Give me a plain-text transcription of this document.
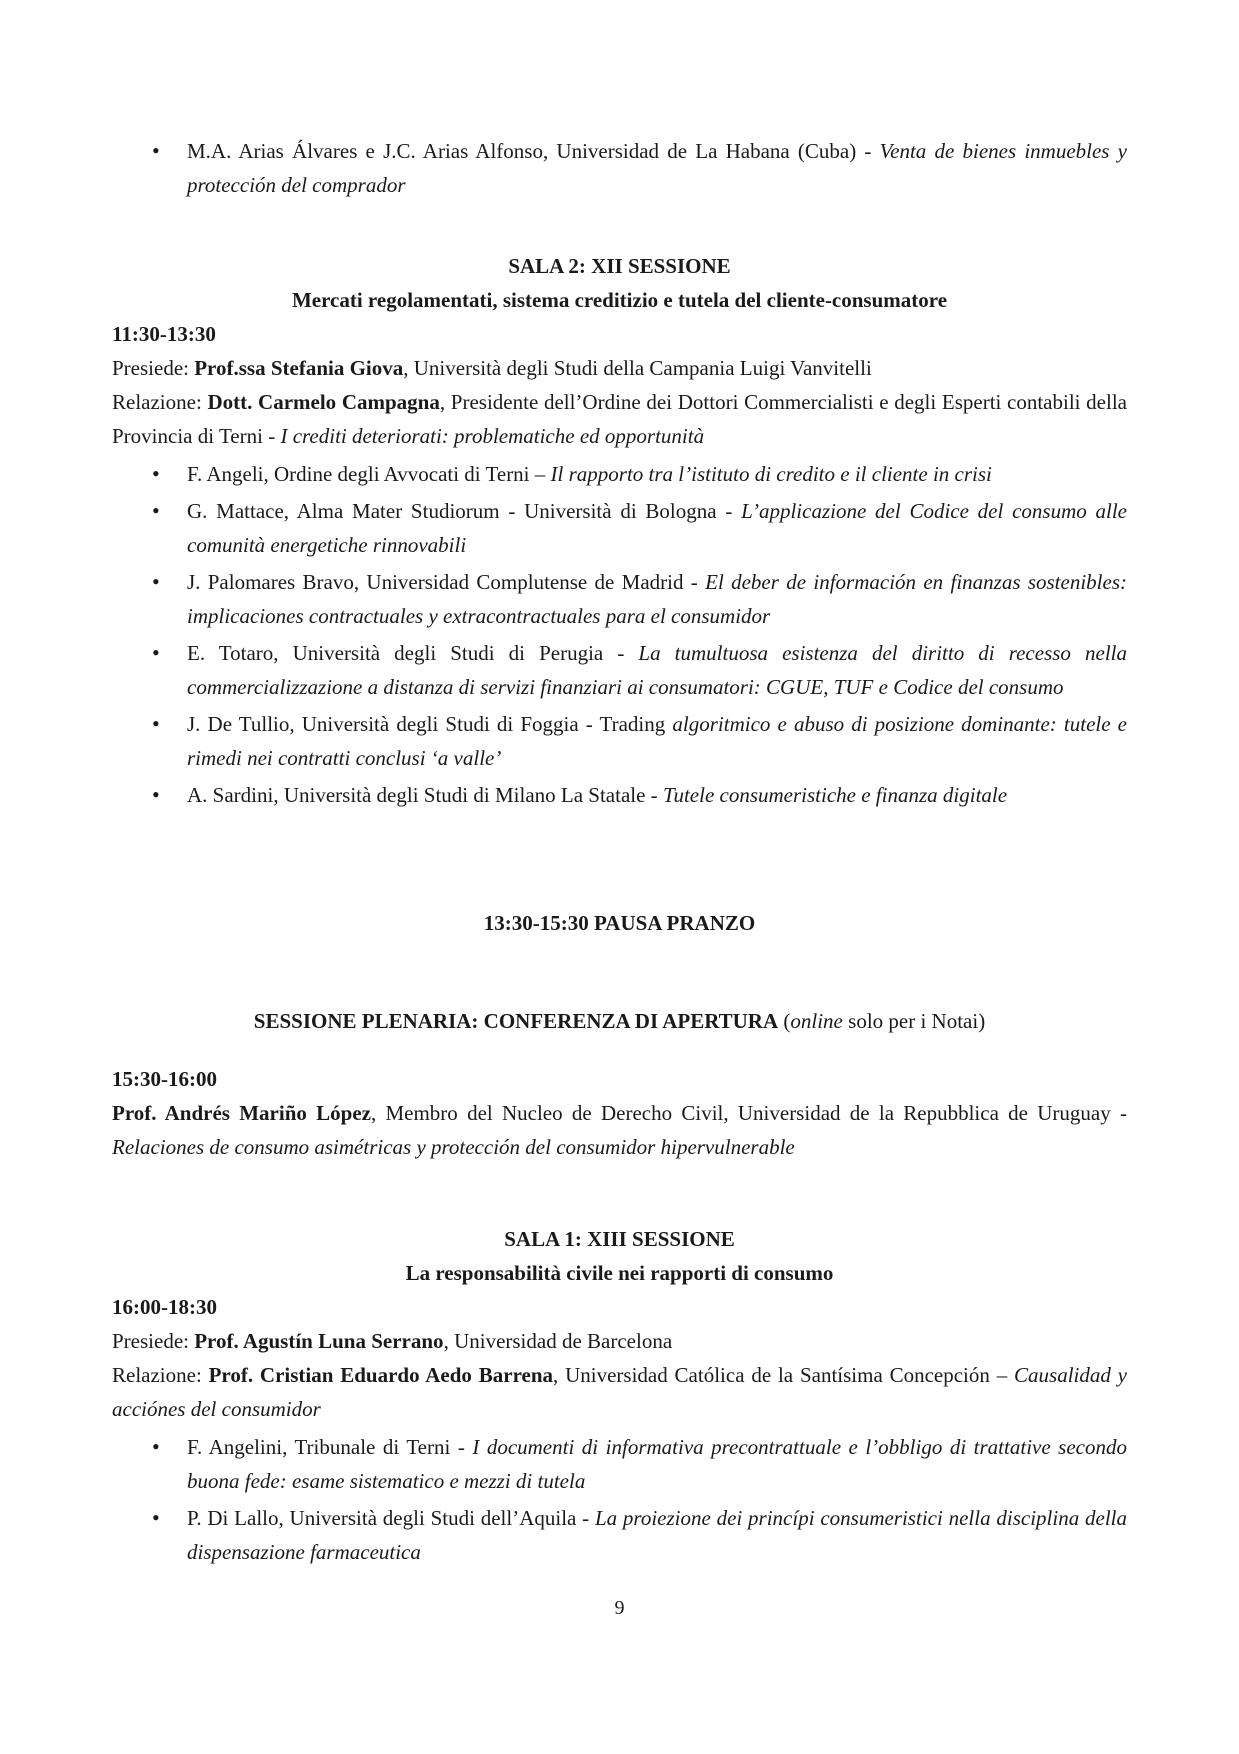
• M.A. Arias Álvares e J.C. Arias Alfonso, Universidad de La Habana (Cuba) - Venta de bienes inmuebles y protección del comprador
SALA 2: XII SESSIONE
Mercati regolamentati, sistema creditizio e tutela del cliente-consumatore
11:30-13:30
Presiede: Prof.ssa Stefania Giova, Università degli Studi della Campania Luigi Vanvitelli
Relazione: Dott. Carmelo Campagna, Presidente dell’Ordine dei Dottori Commercialisti e degli Esperti contabili della Provincia di Terni - I crediti deteriorati: problematiche ed opportunità
• F. Angeli, Ordine degli Avvocati di Terni – Il rapporto tra l’istituto di credito e il cliente in crisi
• G. Mattace, Alma Mater Studiorum - Università di Bologna - L’applicazione del Codice del consumo alle comunità energetiche rinnovabili
• J. Palomares Bravo, Universidad Complutense de Madrid - El deber de información en finanzas sostenibles: implicaciones contractuales y extracontractuales para el consumidor
• E. Totaro, Università degli Studi di Perugia - La tumultuosa esistenza del diritto di recesso nella commercializzazione a distanza di servizi finanziari ai consumatori: CGUE, TUF e Codice del consumo
• J. De Tullio, Università degli Studi di Foggia - Trading algoritmico e abuso di posizione dominante: tutele e rimedi nei contratti conclusi ‘a valle’
• A. Sardini, Università degli Studi di Milano La Statale - Tutele consumeristiche e finanza digitale
13:30-15:30 PAUSA PRANZO
SESSIONE PLENARIA: CONFERENZA DI APERTURA (online solo per i Notai)
15:30-16:00
Prof. Andrés Mariño López, Membro del Nucleo de Derecho Civil, Universidad de la Repubblica de Uruguay - Relaciones de consumo asimétricas y protección del consumidor hipervulnerable
SALA 1: XIII SESSIONE
La responsabilità civile nei rapporti di consumo
16:00-18:30
Presiede: Prof. Agustín Luna Serrano, Universidad de Barcelona
Relazione: Prof. Cristian Eduardo Aedo Barrena, Universidad Católica de la Santísima Concepción – Causalidad y acciónes del consumidor
• F. Angelini, Tribunale di Terni - I documenti di informativa precontrattuale e l’obbligo di trattative secondo buona fede: esame sistematico e mezzi di tutela
• P. Di Lallo, Università degli Studi dell’Aquila - La proiezione dei princípi consumeristici nella disciplina della dispensazione farmaceutica
9
